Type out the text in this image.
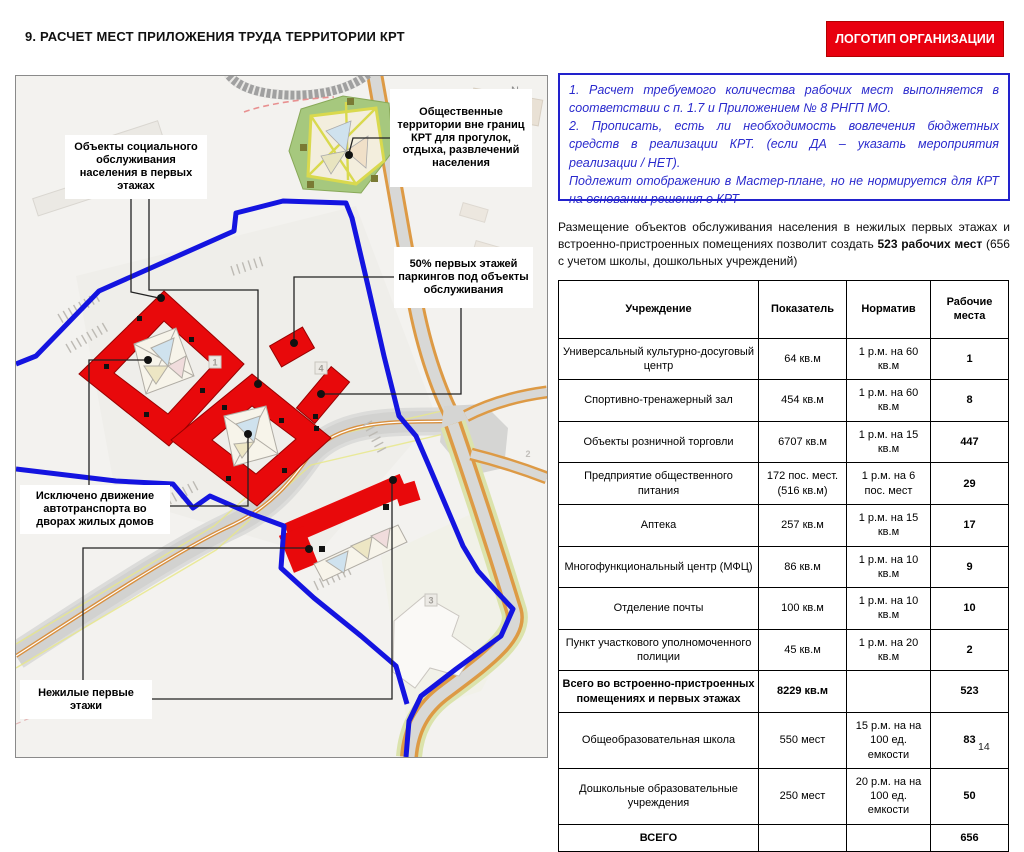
9. РАСЧЕТ МЕСТ ПРИЛОЖЕНИЯ ТРУДА ТЕРРИТОРИИ КРТ	ЛОГОТИП ОРГАНИЗАЦИИ
1
4
3
2
Объекты социального обслуживания населения в первых этажах
Общественные территории вне границ КРТ для прогулок, отдыха, развлечений населения
50% первых этажей паркингов под объекты обслуживания
Исключено движение автотранспорта во дворах жилых домов
Нежилые первые этажи

1. Расчет требуемого количества рабочих мест выполняется в соответствии с п. 1.7 и Приложением № 8 РНГП МО.

2. Прописать, есть ли необходимость вовлечения бюджетных средств в реализации КРТ. (если ДА – указать мероприятия реализации / НЕТ).

Подлежит отображению в Мастер-плане, но не нормируется для КРТ на основании решения о КРТ

Размещение объектов обслуживания населения в нежилых первых этажах и встроенно-пристроенных помещениях позволит создать 523 рабочих мест (656 с учетом школы, дошкольных учреждений)
Учреждение	Показатель	Норматив	Рабочие места
Универсальный культурно-досуговый центр	64 кв.м	1 р.м. на 60 кв.м	1
Спортивно-тренажерный зал	454 кв.м	1 р.м. на 60 кв.м	8
Объекты розничной торговли	6707 кв.м	1 р.м. на 15 кв.м	447
Предприятие общественного питания	172 пос. мест. (516 кв.м)	1 р.м. на 6 пос. мест	29
Аптека	257 кв.м	1 р.м. на 15 кв.м	17
Многофункциональный центр (МФЦ)	86 кв.м	1 р.м. на 10 кв.м	9
Отделение почты	100 кв.м	1 р.м. на 10 кв.м	10
Пункт участкового уполномоченного полиции	45 кв.м	1 р.м. на 20 кв.м	2
Всего во встроенно-пристроенных помещениях и первых этажах	8229 кв.м		523
Общеобразовательная школа	550 мест	15 р.м. на на 100 ед. емкости	83
Дошкольные образовательные учреждения	250 мест	20 р.м. на на 100 ед. емкости	50
ВСЕГО			656
14
